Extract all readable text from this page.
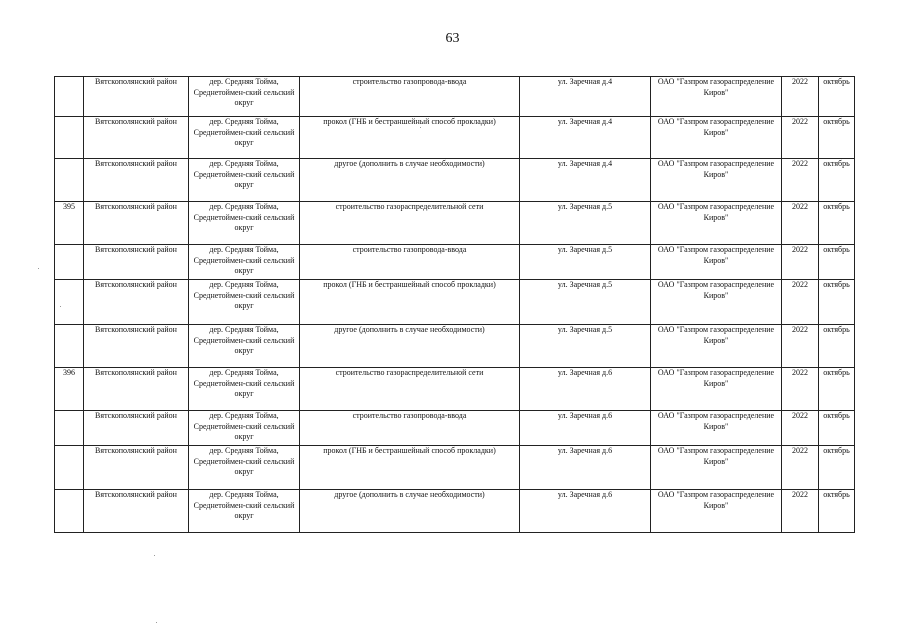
63
	Вятскополянский район	дер. Средняя Тойма, Среднетоймен-ский сельский округ	строительство газопровода-ввода	ул. Заречная д.4	ОАО "Газпром газораспределение Киров"	2022	октябрь
	Вятскополянский район	дер. Средняя Тойма, Среднетоймен-ский сельский округ	прокол (ГНБ и бестраншейный способ прокладки)	ул. Заречная д.4	ОАО "Газпром газораспределение Киров"	2022	октябрь
	Вятскополянский район	дер. Средняя Тойма, Среднетоймен-ский сельский округ	другое (дополнить в случае необходимости)	ул. Заречная д.4	ОАО "Газпром газораспределение Киров"	2022	октябрь
395	Вятскополянский район	дер. Средняя Тойма, Среднетоймен-ский сельский округ	строительство газораспределительной сети	ул. Заречная д.5	ОАО "Газпром газораспределение Киров"	2022	октябрь
	Вятскополянский район	дер. Средняя Тойма, Среднетоймен-ский сельский округ	строительство газопровода-ввода	ул. Заречная д.5	ОАО "Газпром газораспределение Киров"	2022	октябрь
	Вятскополянский район	дер. Средняя Тойма, Среднетоймен-ский сельский округ	прокол (ГНБ и бестраншейный способ прокладки)	ул. Заречная д.5	ОАО "Газпром газораспределение Киров"	2022	октябрь
	Вятскополянский район	дер. Средняя Тойма, Среднетоймен-ский сельский округ	другое (дополнить в случае необходимости)	ул. Заречная д.5	ОАО "Газпром газораспределение Киров"	2022	октябрь
396	Вятскополянский район	дер. Средняя Тойма, Среднетоймен-ский сельский округ	строительство газораспределительной сети	ул. Заречная д.6	ОАО "Газпром газораспределение Киров"	2022	октябрь
	Вятскополянский район	дер. Средняя Тойма, Среднетоймен-ский сельский округ	строительство газопровода-ввода	ул. Заречная д.6	ОАО "Газпром газораспределение Киров"	2022	октябрь
	Вятскополянский район	дер. Средняя Тойма, Среднетоймен-ский сельский округ	прокол (ГНБ и бестраншейный способ прокладки)	ул. Заречная д.6	ОАО "Газпром газораспределение Киров"	2022	октябрь
	Вятскополянский район	дер. Средняя Тойма, Среднетоймен-ский сельский округ	другое (дополнить в случае необходимости)	ул. Заречная д.6	ОАО "Газпром газораспределение Киров"	2022	октябрь
